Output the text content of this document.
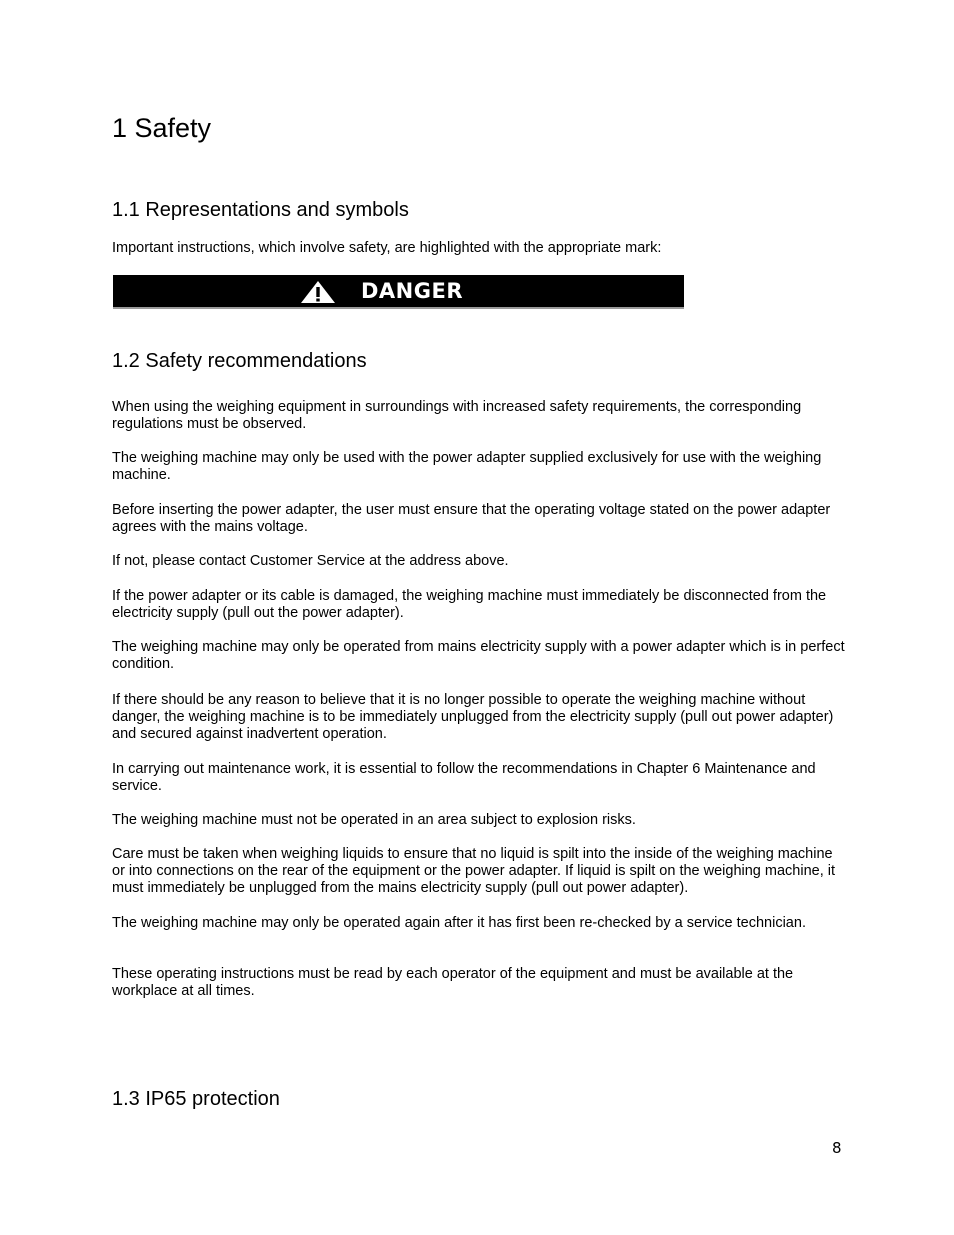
1 Safety
1.1 Representations and symbols

Important instructions, which involve safety, are highlighted with the appropriate mark:

DANGER
1.2 Safety recommendations

When using the weighing equipment in surroundings with increased safety requirements, the corresponding regulations must be observed.

The weighing machine may only be used with the power adapter supplied exclusively for use with the weighing machine.

Before inserting the power adapter, the user must ensure that the operating voltage stated on the power adapter agrees with the mains voltage.

If not, please contact Customer Service at the address above.

If the power adapter or its cable is damaged, the weighing machine must immediately be disconnected from the electricity supply (pull out the power adapter).

The weighing machine may only be operated from mains electricity supply with a power adapter which is in perfect condition.

If there should be any reason to believe that it is no longer possible to operate the weighing machine without danger, the weighing machine is to be immediately unplugged from the electricity supply (pull out power adapter) and secured against inadvertent operation.

In carrying out maintenance work, it is essential to follow the recommendations in Chapter 6 Maintenance and service.

The weighing machine must not be operated in an area subject to explosion risks.

Care must be taken when weighing liquids to ensure that no liquid is spilt into the inside of the weighing machine or into connections on the rear of the equipment or the power adapter. If liquid is spilt on the weighing machine, it must immediately be unplugged from the mains electricity supply (pull out power adapter).

The weighing machine may only be operated again after it has first been re-checked by a service technician.

These operating instructions must be read by each operator of the equipment and must be available at the workplace at all times.

1.3 IP65 protection
8
